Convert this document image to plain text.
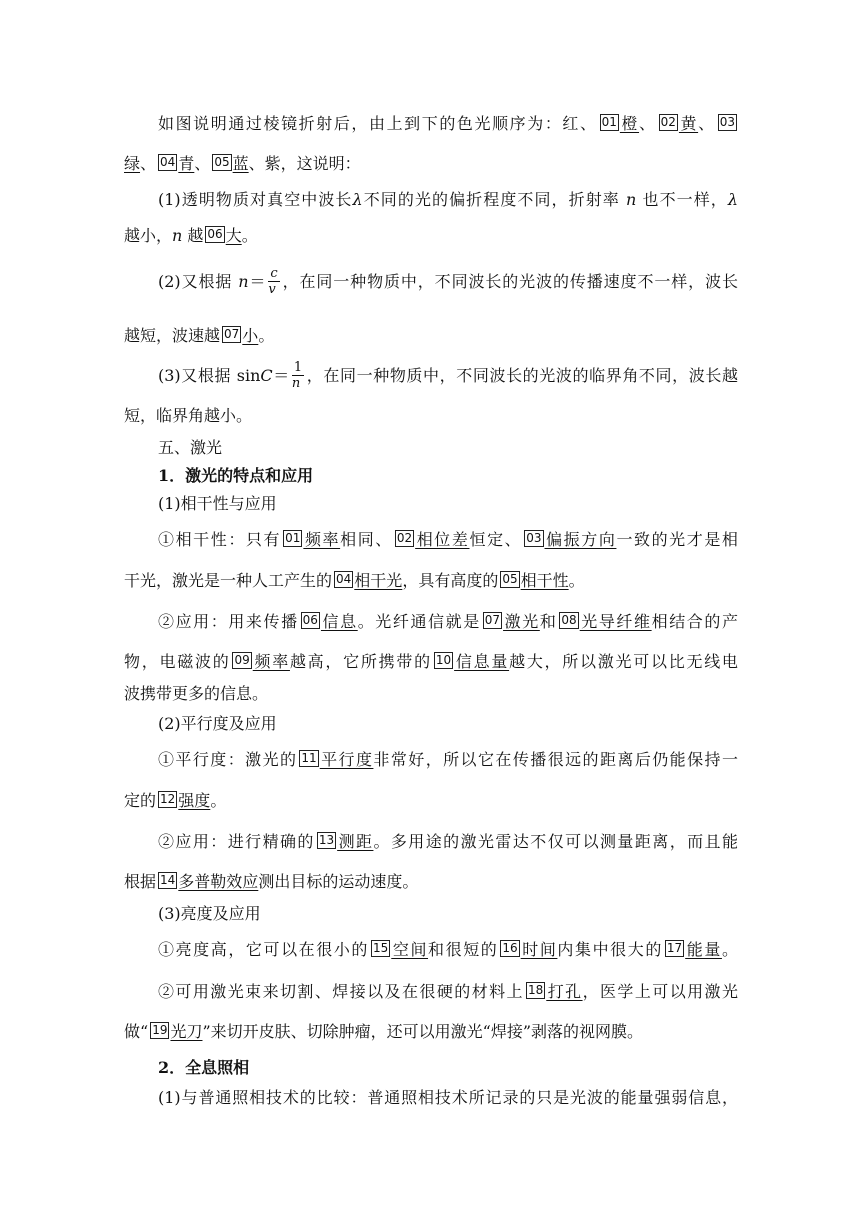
如图说明通过棱镜折射后，由上到下的色光顺序为：红、 01 橙、 02 黄、 03
绿、 04 青、 05 蓝、紫，这说明：
(1)透明物质对真空中波长λ不同的光的偏折程度不同，折射率 n 也不一样，λ
越小，n 越 06 大。
(2)又根据 $n= \frac{c}{v}$ ，在同一种物质中，不同波长的光波的传播速度不一样，波长
越短，波速越 07 小。
(3)又根据 $\sin C= \frac{1}{n}$ ，在同一种物质中，不同波长的光波的临界角不同，波长越
短，临界角越小。
五、激光
1．激光的特点和应用
(1)相干性与应用
①相干性：只有 01 频率相同、 02 相位差恒定、 03 偏振方向一致的光才是相
干光，激光是一种人工产生的 04 相干光，具有高度的 05 相干性。
②应用：用来传播 06 信息。光纤通信就是 07 激光和 08 光导纤维相结合的产
物，电磁波的 09 频率越高，它所携带的 10 信息量越大，所以激光可以比无线电
波携带更多的信息。
(2)平行度及应用
①平行度：激光的 11 平行度非常好，所以它在传播很远的距离后仍能保持一
定的 12 强度。
②应用：进行精确的 13 测距。多用途的激光雷达不仅可以测量距离，而且能
根据 14 多普勒效应测出目标的运动速度。
(3)亮度及应用
①亮度高，它可以在很小的 15 空间和很短的 16 时间内集中很大的 17 能量。
②可用激光束来切割、焊接以及在很硬的材料上 18 打孔，医学上可以用激光
做“ 19 光刀”来切开皮肤、切除肿瘤，还可以用激光“焊接”剥落的视网膜。
2．全息照相
(1)与普通照相技术的比较：普通照相技术所记录的只是光波的能量强弱信息，
